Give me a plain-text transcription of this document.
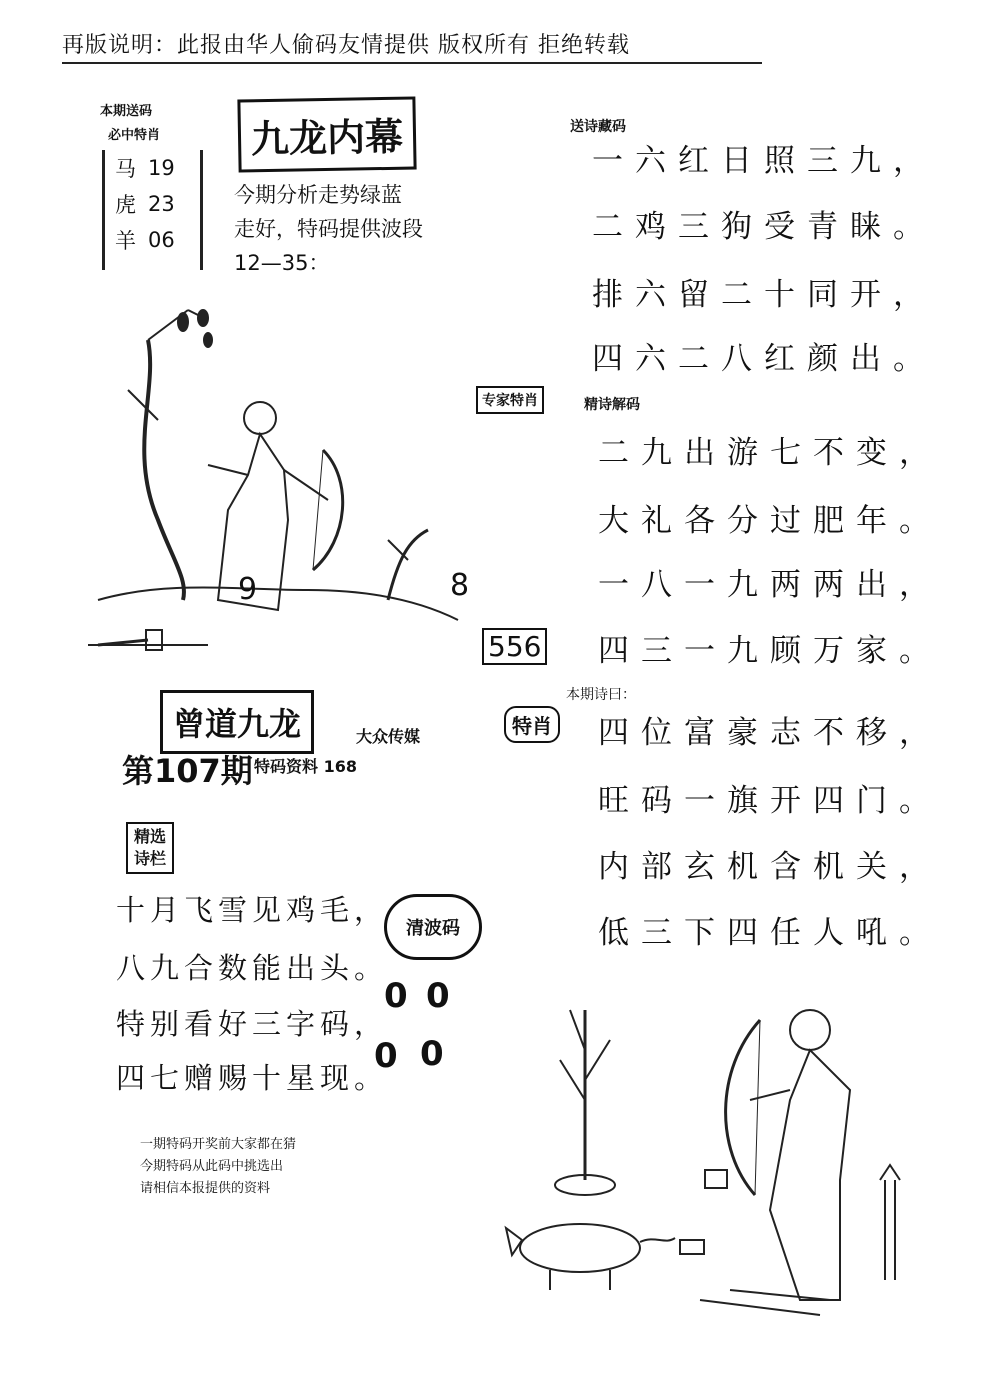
再版说明：此报由华人偷码友情提供 版权所有 拒绝转载
本期送码
必中特肖
马 19
虎 23
羊 06
九龙内幕
今期分析走势绿蓝
走好，特码提供波段
12—35：
9	8
送诗藏码
一六红日照三九，
二鸡三狗受青睐。
排六留二十同开，
四六二八红颜出。
专家特肖	精诗解码
二九出游七不变，
大礼各分过肥年。
一八一九两两出，
四三一九顾万家。
556
本期诗曰：
特肖 四位富豪志不移，
旺码一旗开四门。
内部玄机含机关，
低三下四任人吼。
曾道九龙	大众传媒
第107期 特码资料 168
精选
诗栏
十月飞雪见鸡毛，
八九合数能出头。
特别看好三字码，
四七赠赐十星现。
清波码
0 0
0 0
一期特码开奖前大家都在猜
今期特码从此码中挑选出
请相信本报提供的资料
